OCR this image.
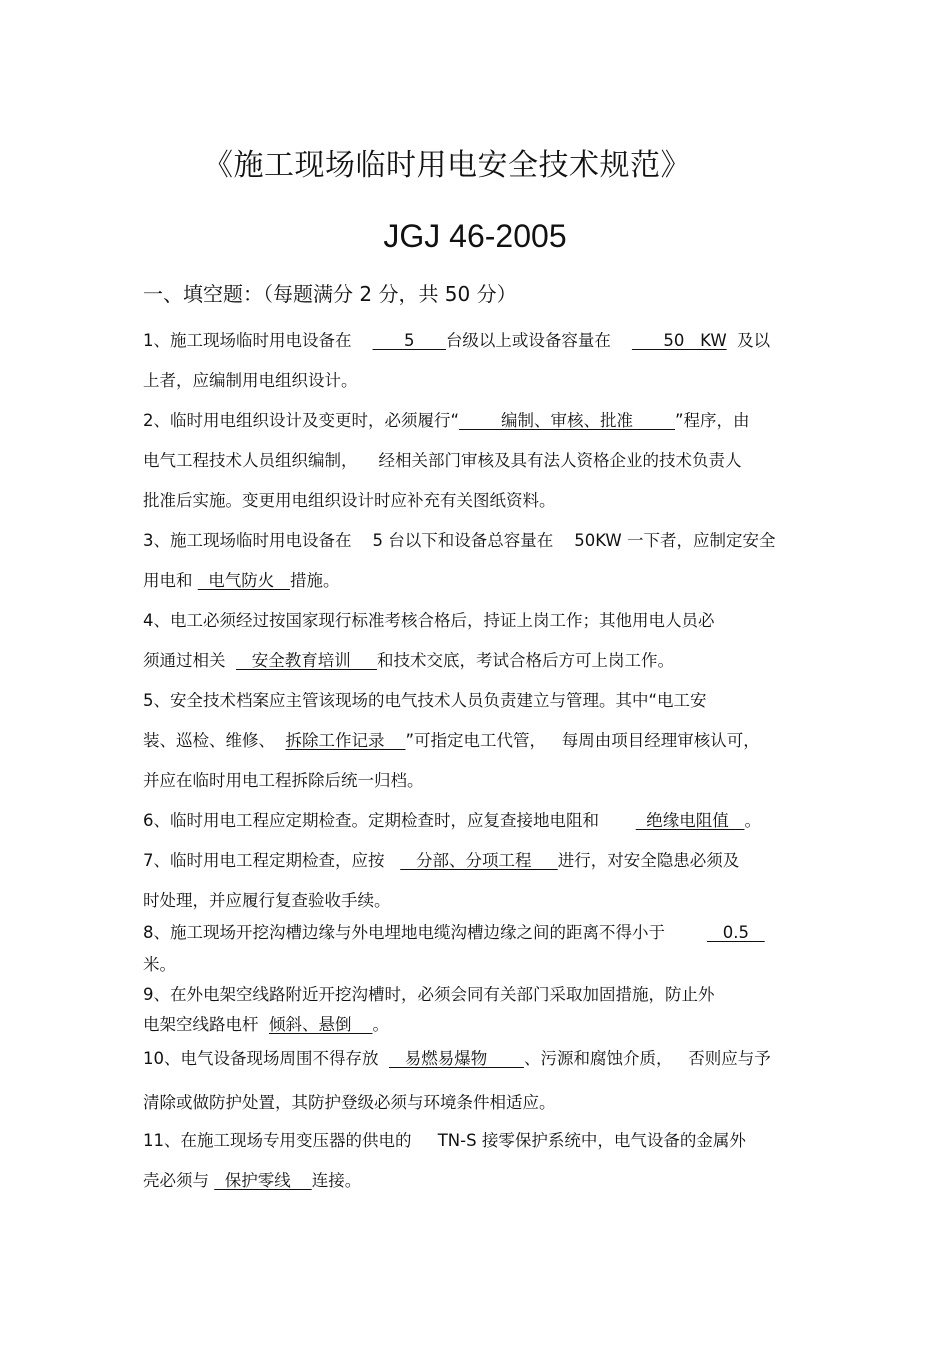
《施工现场临时用电安全技术规范》
JGJ 46-2005
一、填空题：（每题满分 2 分，共 50 分）
1、施工现场临时用电设备在          5      台级以上或设备容量在          50   KW  及以
上者，应编制用电组织设计。
2、临时用电组织设计及变更时，必须履行“        编制、审核、批准        ”程序，由
电气工程技术人员组织编制，    经相关部门审核及具有法人资格企业的技术负责人
批准后实施。变更用电组织设计时应补充有关图纸资料。
3、施工现场临时用电设备在    5 台以下和设备总容量在    50KW 一下者，应制定安全
用电和   电气防火   措施。
4、电工必须经过按国家现行标准考核合格后，持证上岗工作；其他用电人员必
须通过相关     安全教育培训     和技术交底，考试合格后方可上岗工作。
5、安全技术档案应主管该现场的电气技术人员负责建立与管理。其中“电工安
装、巡检、维修、  拆除工作记录    ”可指定电工代管，   每周由项目经理审核认可，
并应在临时用电工程拆除后统一归档。
6、临时用电工程应定期检查。定期检查时，应复查接地电阻和         绝缘电阻值   。
7、临时用电工程定期检查，应按      分部、分项工程     进行，对安全隐患必须及
时处理，并应履行复查验收手续。
8、施工现场开挖沟槽边缘与外电埋地电缆沟槽边缘之间的距离不得小于           0.5
米。
9、在外电架空线路附近开挖沟槽时，必须会同有关部门采取加固措施，防止外
电架空线路电杆  倾斜、悬倒    。
10、电气设备现场周围不得存放     易燃易爆物       、污源和腐蚀介质，   否则应与予
清除或做防护处置，其防护登级必须与环境条件相适应。
11、在施工现场专用变压器的供电的     TN-S 接零保护系统中，电气设备的金属外
壳必须与   保护零线    连接。
